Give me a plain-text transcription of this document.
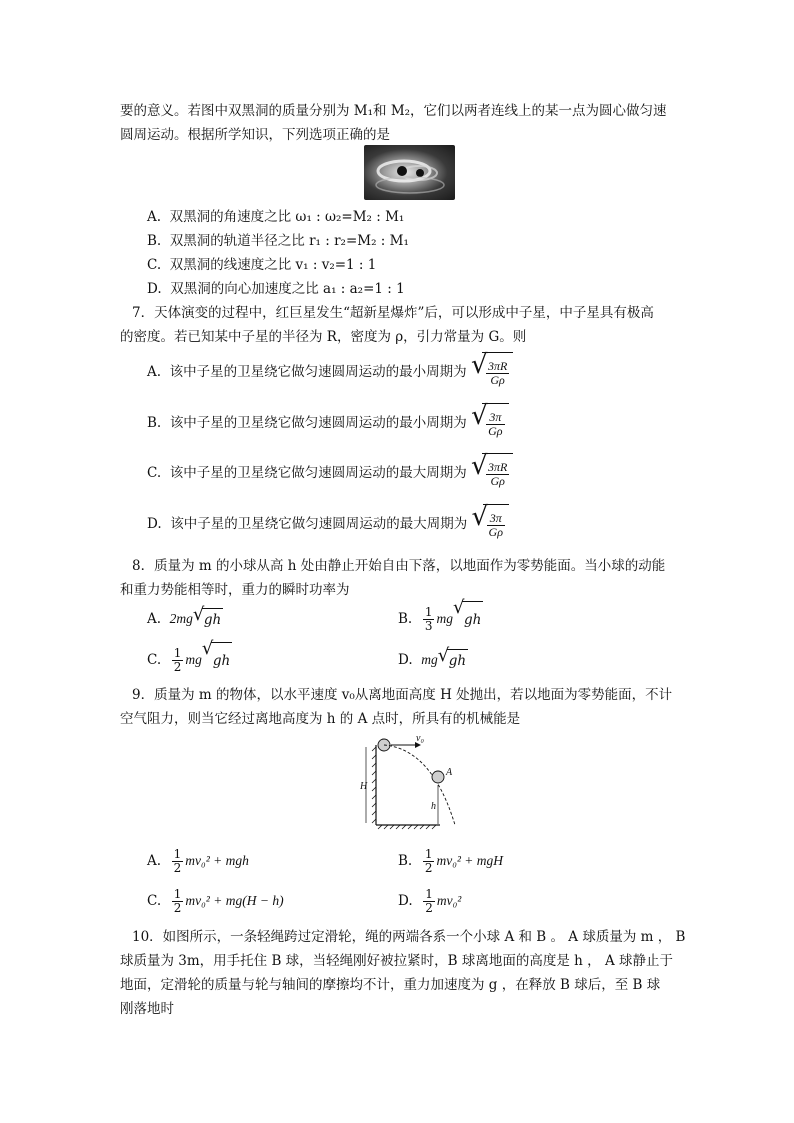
要的意义。若图中双黑洞的质量分别为 M₁和 M₂，它们以两者连线上的某一点为圆心做匀速
圆周运动。根据所学知识，下列选项正确的是
A. 双黑洞的角速度之比 ω₁ : ω₂=M₂ : M₁
B. 双黑洞的轨道半径之比 r₁ : r₂=M₂ : M₁
C. 双黑洞的线速度之比 v₁ : v₂=1 : 1
D. 双黑洞的向心加速度之比 a₁ : a₂=1 : 1
7．天体演变的过程中，红巨星发生“超新星爆炸”后，可以形成中子星，中子星具有极高
的密度。若已知某中子星的半径为 R，密度为 ρ，引力常量为 G。则
A. 该中子星的卫星绕它做匀速圆周运动的最小周期为 √
$\frac{3\pi R}{G\rho}$
B. 该中子星的卫星绕它做匀速圆周运动的最小周期为 √
$\frac{3\pi}{G\rho}$
C. 该中子星的卫星绕它做匀速圆周运动的最大周期为 √
$\frac{3\pi R}{G\rho}$
D. 该中子星的卫星绕它做匀速圆周运动的最大周期为 √
$\frac{3\pi}{G\rho}$
8．质量为 m 的小球从高 h 处由静止开始自由下落，以地面作为零势能面。当小球的动能
和重力势能相等时，重力的瞬时功率为
A. 2mg √ gh	B. $\frac{1}{3}$ mg
√
gh
C. $\frac{1}{2}$ mg
√
gh	D. mg √ gh
9．质量为 m 的物体，以水平速度 v₀从离地面高度 H 处抛出，若以地面为零势能面，不计
空气阻力，则当它经过离地高度为 h 的 A 点时，所具有的机械能是
H
v₀
A
h
A. $\frac{1}{2} mv_0^2$ + mgh	B. $\frac{1}{2} mv_0^2$ + mgH
C. $\frac{1}{2} mv_0^2 + mg(H - h)$	D. $\frac{1}{2} mv_0^2$
10．如图所示，一条轻绳跨过定滑轮，绳的两端各系一个小球 A 和 B 。 A 球质量为 m ， B
球质量为 3m，用手托住 B 球，当轻绳刚好被拉紧时，B 球离地面的高度是 h ， A 球静止于
地面，定滑轮的质量与轮与轴间的摩擦均不计，重力加速度为 g ，在释放 B 球后，至 B 球
刚落地时
